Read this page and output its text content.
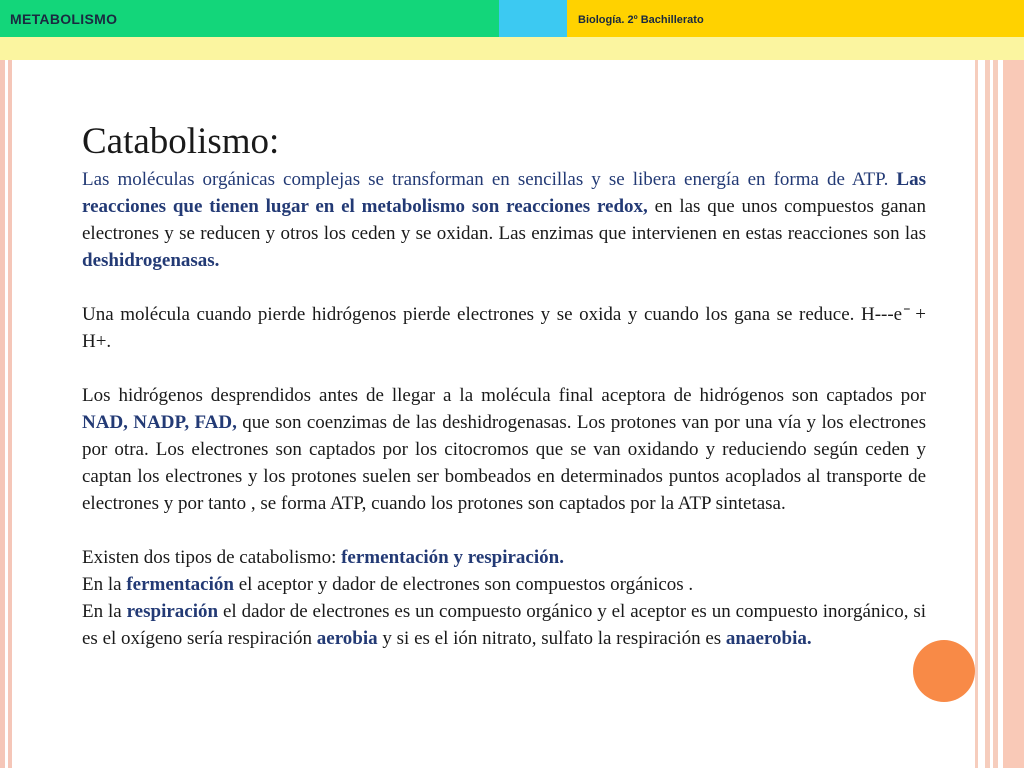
METABOLISMO	Biología. 2º Bachillerato
Catabolismo:

Las moléculas orgánicas complejas se transforman en sencillas y se libera energía en forma de ATP. Las reacciones que tienen lugar en el metabolismo son reacciones redox, en las que unos compuestos ganan electrones y se reducen y otros los ceden y se oxidan. Las enzimas que intervienen en estas reacciones son las deshidrogenasas.

Una molécula cuando pierde hidrógenos pierde electrones y se oxida y cuando los gana se reduce. H---e ̄ + H+.

Los hidrógenos desprendidos antes de llegar a la molécula final aceptora de hidrógenos son captados por NAD, NADP, FAD, que son coenzimas de las deshidrogenasas. Los protones van por una vía y los electrones por otra. Los electrones son captados por los citocromos que se van oxidando y reduciendo según ceden y captan los electrones y los protones suelen ser bombeados en determinados puntos acoplados al transporte de electrones y por tanto , se forma ATP, cuando los protones son captados por la ATP sintetasa.

Existen dos tipos de catabolismo: fermentación y respiración.

En la fermentación el aceptor y dador de electrones son compuestos orgánicos .

En la respiración el dador de electrones es un compuesto orgánico y el aceptor es un compuesto inorgánico, si es el oxígeno sería respiración aerobia y si es el ión nitrato, sulfato la respiración es anaerobia.
